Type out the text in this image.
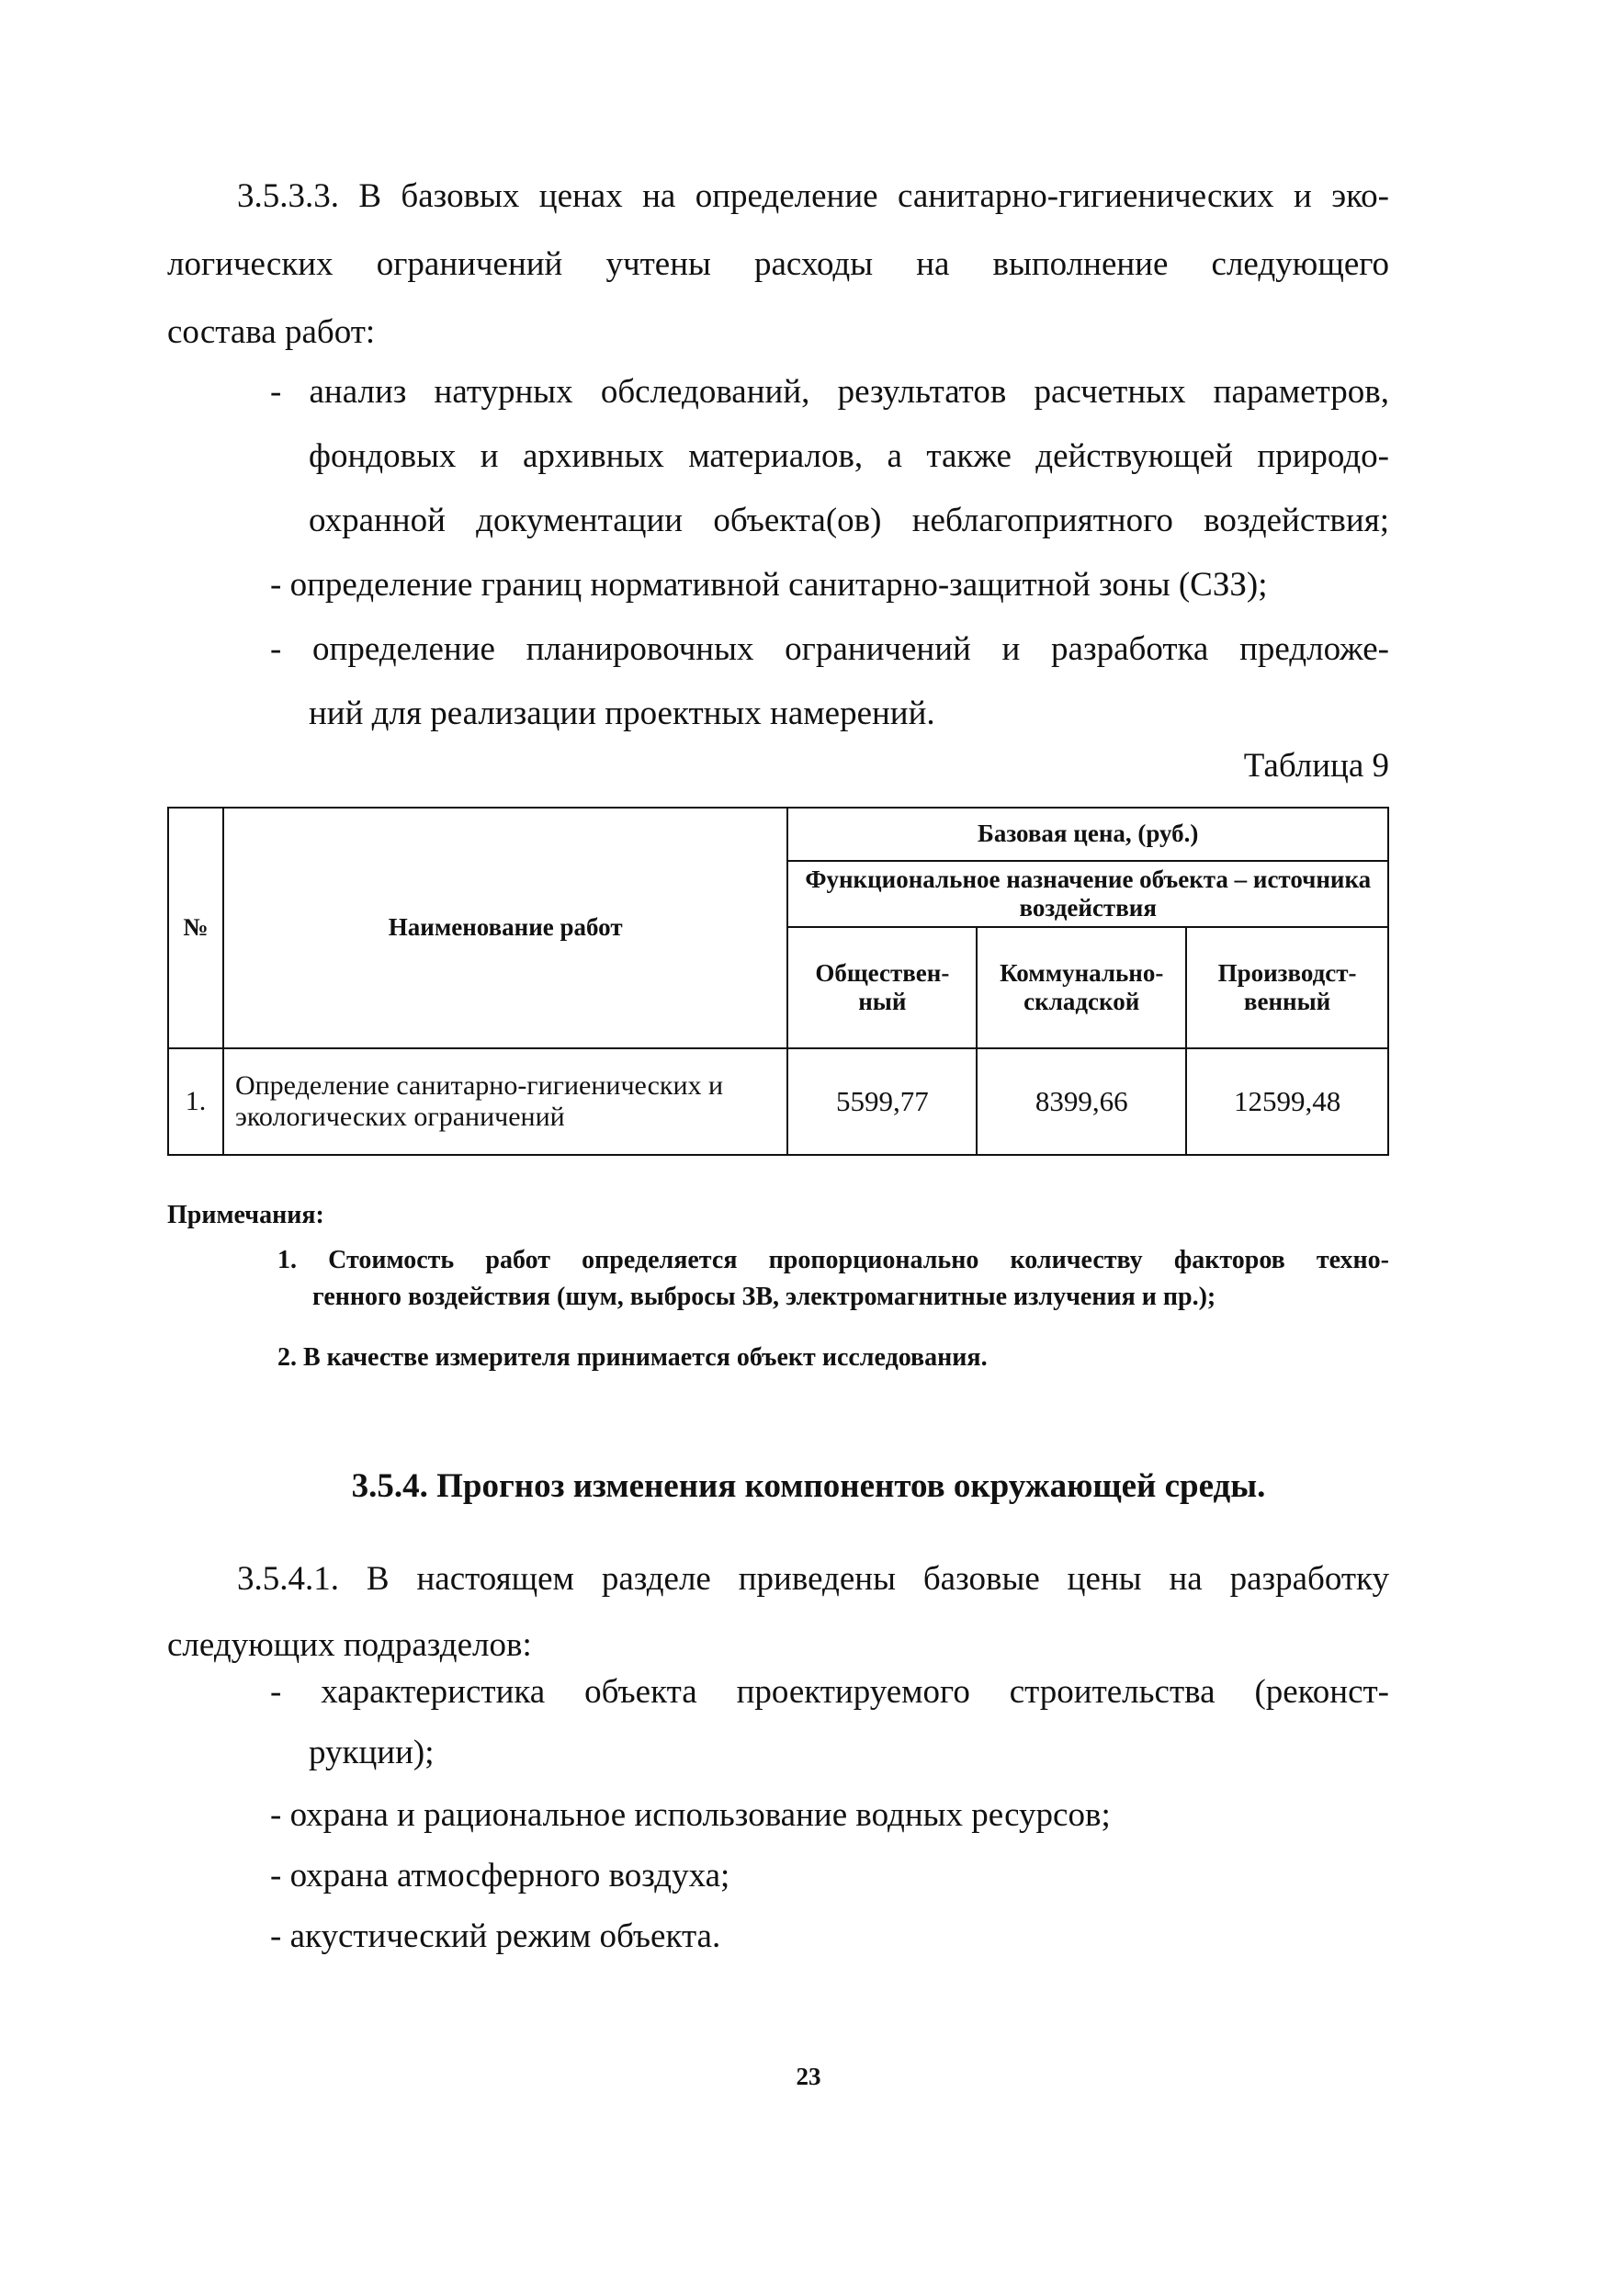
3.5.3.3. В базовых ценах на определение санитарно-гигиенических и эко-
логических ограничений учтены расходы на выполнение следующего
состава работ:
- анализ натурных обследований, результатов расчетных параметров,
фондовых и архивных материалов, а также действующей природо-
охранной документации объекта(ов) неблагоприятного воздействия;
- определение границ нормативной санитарно-защитной зоны (СЗЗ);
- определение планировочных ограничений и разработка предложе-
ний для реализации проектных намерений.
Таблица 9
№	Наименование работ	Базовая цена, (руб.)		
		Функциональное назначение объекта – источника воздействия		
		Обществен-ный	Коммунально-складской	Производст-венный
1.	Определение санитарно-гигиенических и экологических ограничений	5599,77	8399,66	12599,48
Примечания:
1. Стоимость работ определяется пропорционально количеству факторов техно-
генного воздействия (шум, выбросы ЗВ, электромагнитные излучения и пр.);
2. В качестве измерителя принимается объект исследования.
3.5.4. Прогноз изменения компонентов окружающей среды.
3.5.4.1. В настоящем разделе приведены базовые цены на разработку
следующих подразделов:
- характеристика объекта проектируемого строительства (реконст-
рукции);
- охрана и рациональное использование водных ресурсов;
- охрана атмосферного воздуха;
- акустический режим объекта.
23
